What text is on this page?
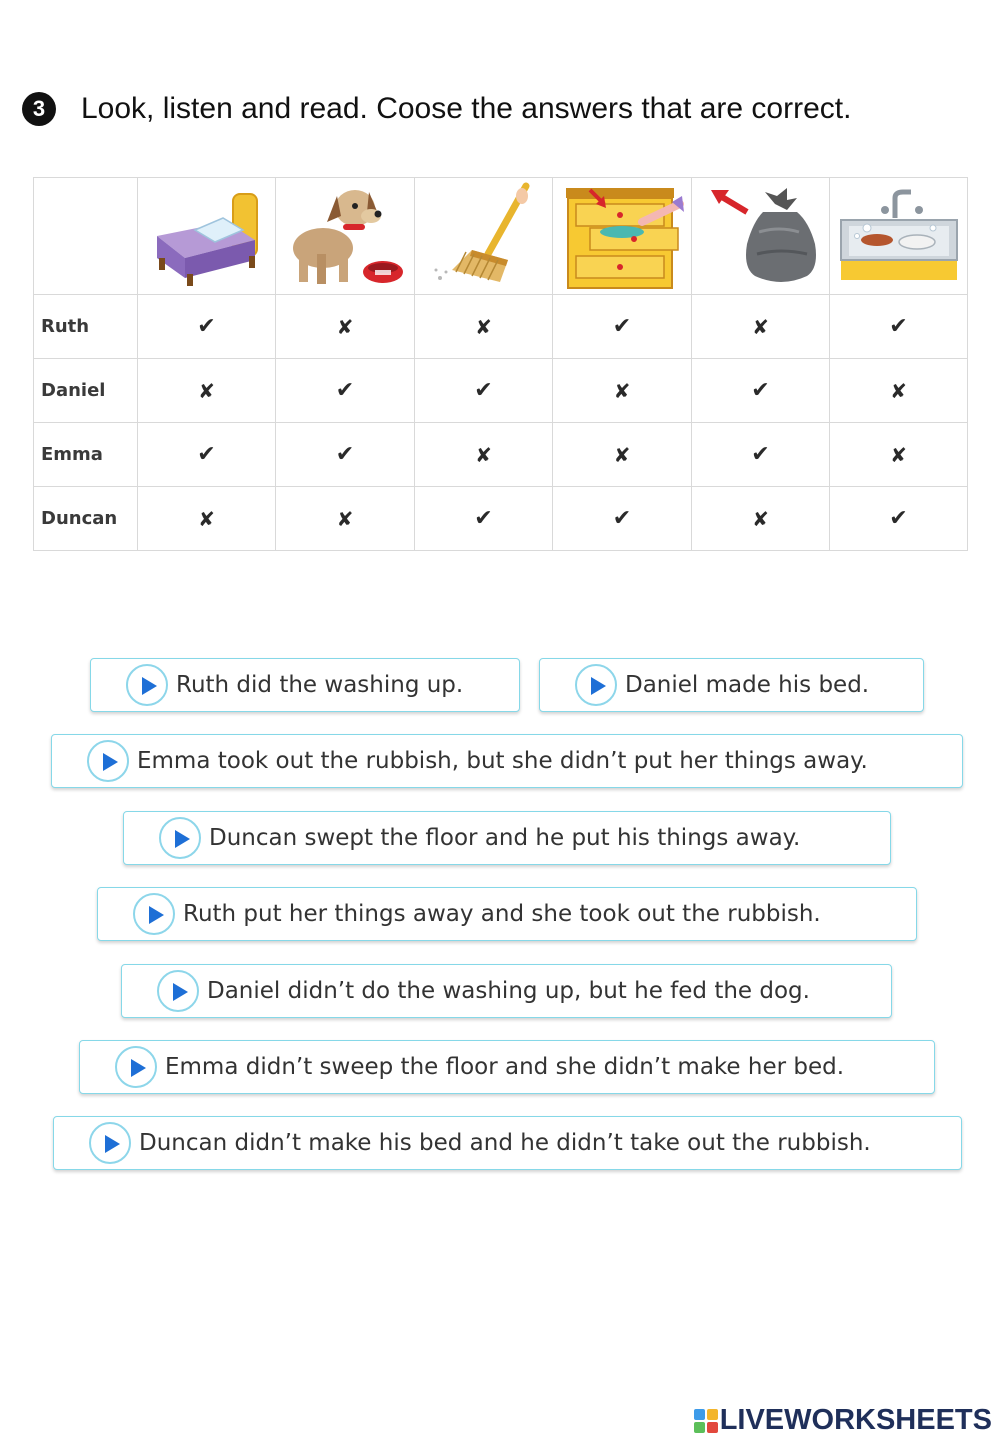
3	Look, listen and read. Coose the answers that are correct.

Ruth	✔	✘	✘	✔	✘	✔
Daniel	✘	✔	✔	✘	✔	✘
Emma	✔	✔	✘	✘	✔	✘
Duncan	✘	✘	✔	✔	✘	✔
Ruth did the washing up.	Daniel made his bed.
Emma took out the rubbish, but she didn’t put her things away.
Duncan swept the floor and he put his things away.
Ruth put her things away and she took out the rubbish.
Daniel didn’t do the washing up, but he fed the dog.
Emma didn’t sweep the floor and she didn’t make her bed.
Duncan didn’t make his bed and he didn’t take out the rubbish.
LIVEWORKSHEETS
